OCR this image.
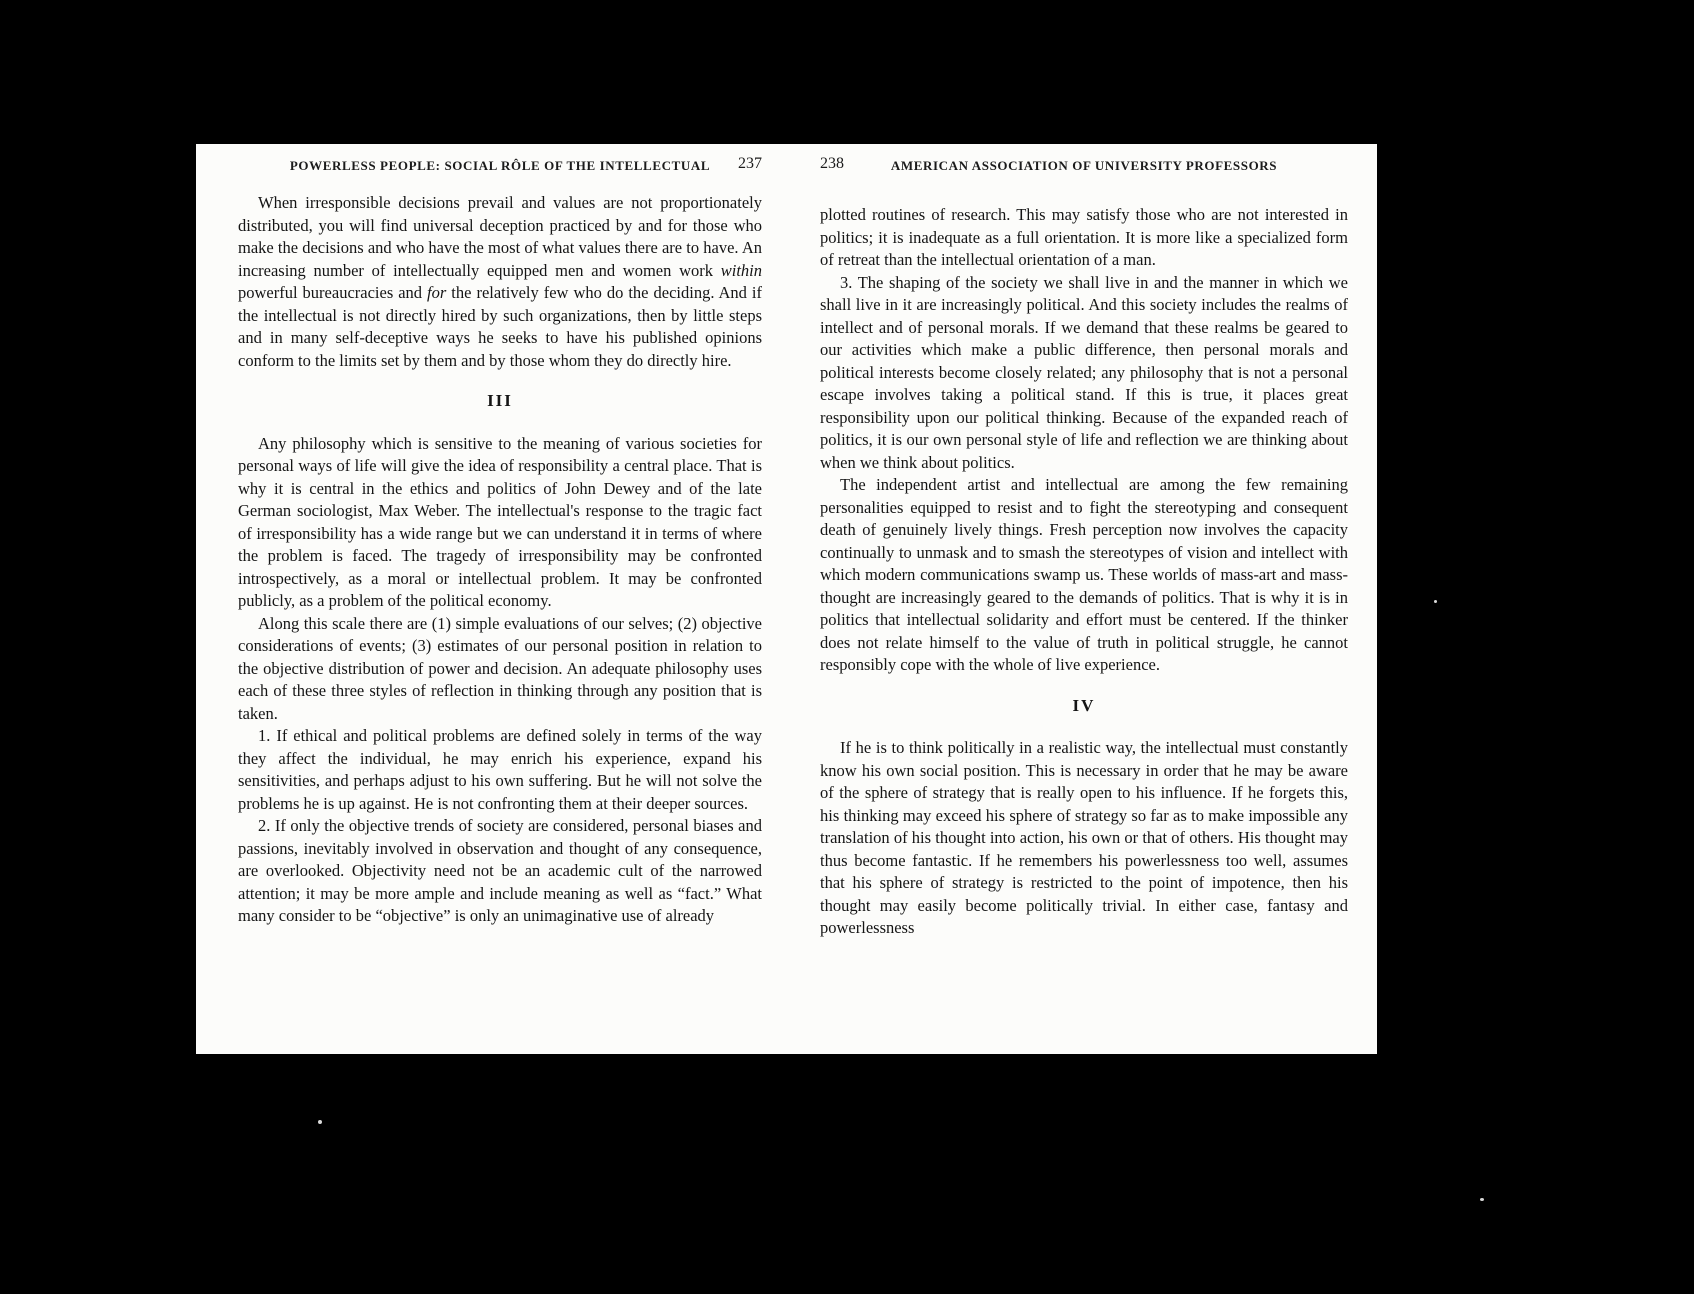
POWERLESS PEOPLE: SOCIAL RÔLE OF THE INTELLECTUAL	237

When irresponsible decisions prevail and values are not proportionately distributed, you will find universal deception practiced by and for those who make the decisions and who have the most of what values there are to have. An increasing number of intellectually equipped men and women work within powerful bureaucracies and for the relatively few who do the deciding. And if the intellectual is not directly hired by such organizations, then by little steps and in many self-deceptive ways he seeks to have his published opinions conform to the limits set by them and by those whom they do directly hire.

III

Any philosophy which is sensitive to the meaning of various societies for personal ways of life will give the idea of responsibility a central place. That is why it is central in the ethics and politics of John Dewey and of the late German sociologist, Max Weber. The intellectual's response to the tragic fact of irresponsibility has a wide range but we can understand it in terms of where the problem is faced. The tragedy of irresponsibility may be confronted introspectively, as a moral or intellectual problem. It may be confronted publicly, as a problem of the political economy.

Along this scale there are (1) simple evaluations of our selves; (2) objective considerations of events; (3) estimates of our personal position in relation to the objective distribution of power and decision. An adequate philosophy uses each of these three styles of reflection in thinking through any position that is taken.

1. If ethical and political problems are defined solely in terms of the way they affect the individual, he may enrich his experience, expand his sensitivities, and perhaps adjust to his own suffering. But he will not solve the problems he is up against. He is not confronting them at their deeper sources.

2. If only the objective trends of society are considered, personal biases and passions, inevitably involved in observation and thought of any consequence, are overlooked. Objectivity need not be an academic cult of the narrowed attention; it may be more ample and include meaning as well as “fact.” What many consider to be “objective” is only an unimaginative use of already

238	AMERICAN ASSOCIATION OF UNIVERSITY PROFESSORS

plotted routines of research. This may satisfy those who are not interested in politics; it is inadequate as a full orientation. It is more like a specialized form of retreat than the intellectual orientation of a man.

3. The shaping of the society we shall live in and the manner in which we shall live in it are increasingly political. And this society includes the realms of intellect and of personal morals. If we demand that these realms be geared to our activities which make a public difference, then personal morals and political interests become closely related; any philosophy that is not a personal escape involves taking a political stand. If this is true, it places great responsibility upon our political thinking. Because of the expanded reach of politics, it is our own personal style of life and reflection we are thinking about when we think about politics.

The independent artist and intellectual are among the few remaining personalities equipped to resist and to fight the stereotyping and consequent death of genuinely lively things. Fresh perception now involves the capacity continually to unmask and to smash the stereotypes of vision and intellect with which modern communications swamp us. These worlds of mass-art and mass-thought are increasingly geared to the demands of politics. That is why it is in politics that intellectual solidarity and effort must be centered. If the thinker does not relate himself to the value of truth in political struggle, he cannot responsibly cope with the whole of live experience.

IV

If he is to think politically in a realistic way, the intellectual must constantly know his own social position. This is necessary in order that he may be aware of the sphere of strategy that is really open to his influence. If he forgets this, his thinking may exceed his sphere of strategy so far as to make impossible any translation of his thought into action, his own or that of others. His thought may thus become fantastic. If he remembers his powerlessness too well, assumes that his sphere of strategy is restricted to the point of impotence, then his thought may easily become politically trivial. In either case, fantasy and powerlessness
